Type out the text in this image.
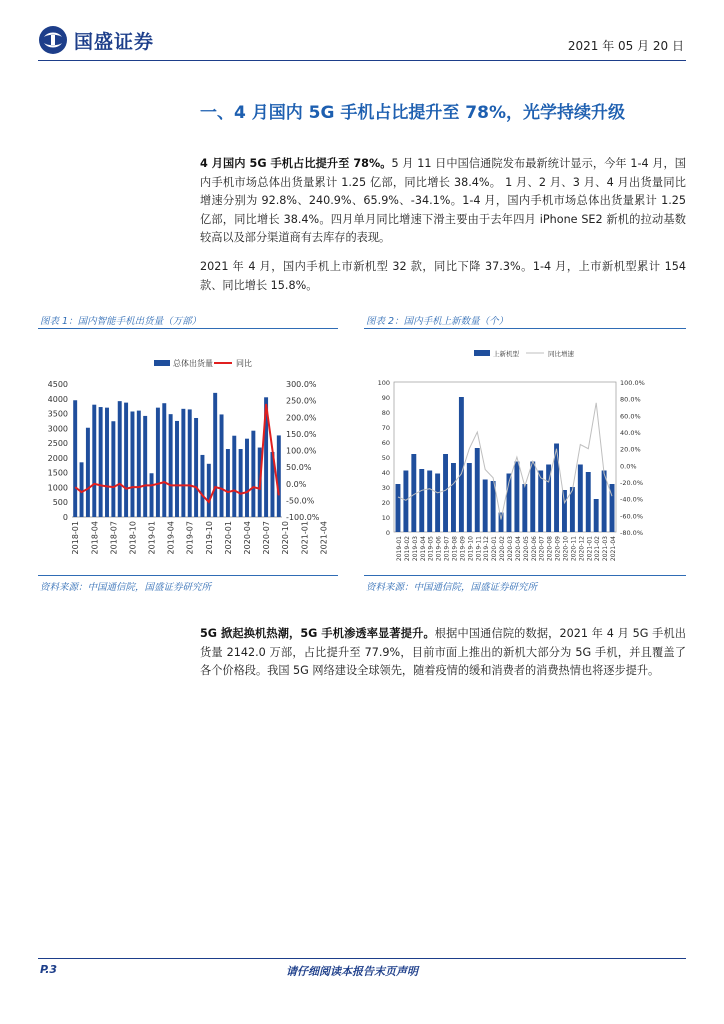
国盛证券	2021 年 05 月 20 日
一、4 月国内 5G 手机占比提升至 78%，光学持续升级
4 月国内 5G 手机占比提升至 78%。5 月 11 日中国信通院发布最新统计显示，今年 1-4 月，国内手机市场总体出货量累计 1.25 亿部，同比增长 38.4%。 1 月、2 月、3 月、4 月出货量同比增速分别为 92.8%、240.9%、65.9%、-34.1%。1-4 月，国内手机市场总体出货量累计 1.25 亿部，同比增长 38.4%。四月单月同比增速下滑主要由于去年四月 iPhone SE2 新机的拉动基数较高以及部分渠道商有去库存的表现。
2021 年 4 月，国内手机上市新机型 32 款，同比下降 37.3%。1-4 月，上市新机型累计 154 款、同比增长 15.8%。
图表 1：国内智能手机出货量（万部）	图表 2：国内手机上新数量（个）
总体出货量	同比
0
500
1000
1500
2000
2500
3000
3500
4000
4500
-100.0%
-50.0%
0.0%
50.0%
100.0%
150.0%
200.0%
250.0%
300.0%
2018-01 2018-04 2018-07 2018-10 2019-01 2019-04 2019-07 2019-10 2020-01 2020-04 2020-07 2020-10 2021-01 2021-04
上新机型	同比增速
0
10
20
30
40
50
60
70
80
90
100
-80.0%
-60.0%
-40.0%
-20.0%
0.0%
20.0%
40.0%
60.0%
80.0%
100.0%
2019-01 2019-02 2019-03 2019-04 2019-05 2019-06 2019-07 2019-08 2019-09 2019-10 2019-11 2019-12 2020-01 2020-02 2020-03 2020-04 2020-05 2020-06 2020-07 2020-08 2020-09 2020-10 2020-11 2020-12 2021-01 2021-02 2021-03 2021-04
资料来源：中国通信院，国盛证券研究所	资料来源：中国通信院，国盛证券研究所
5G 掀起换机热潮，5G 手机渗透率显著提升。根据中国通信院的数据，2021 年 4 月 5G 手机出货量 2142.0 万部，占比提升至 77.9%，目前市面上推出的新机大部分为 5G 手机，并且覆盖了各个价格段。我国 5G 网络建设全球领先，随着疫情的缓和消费者的消费热情也将逐步提升。
P.3	请仔细阅读本报告末页声明
